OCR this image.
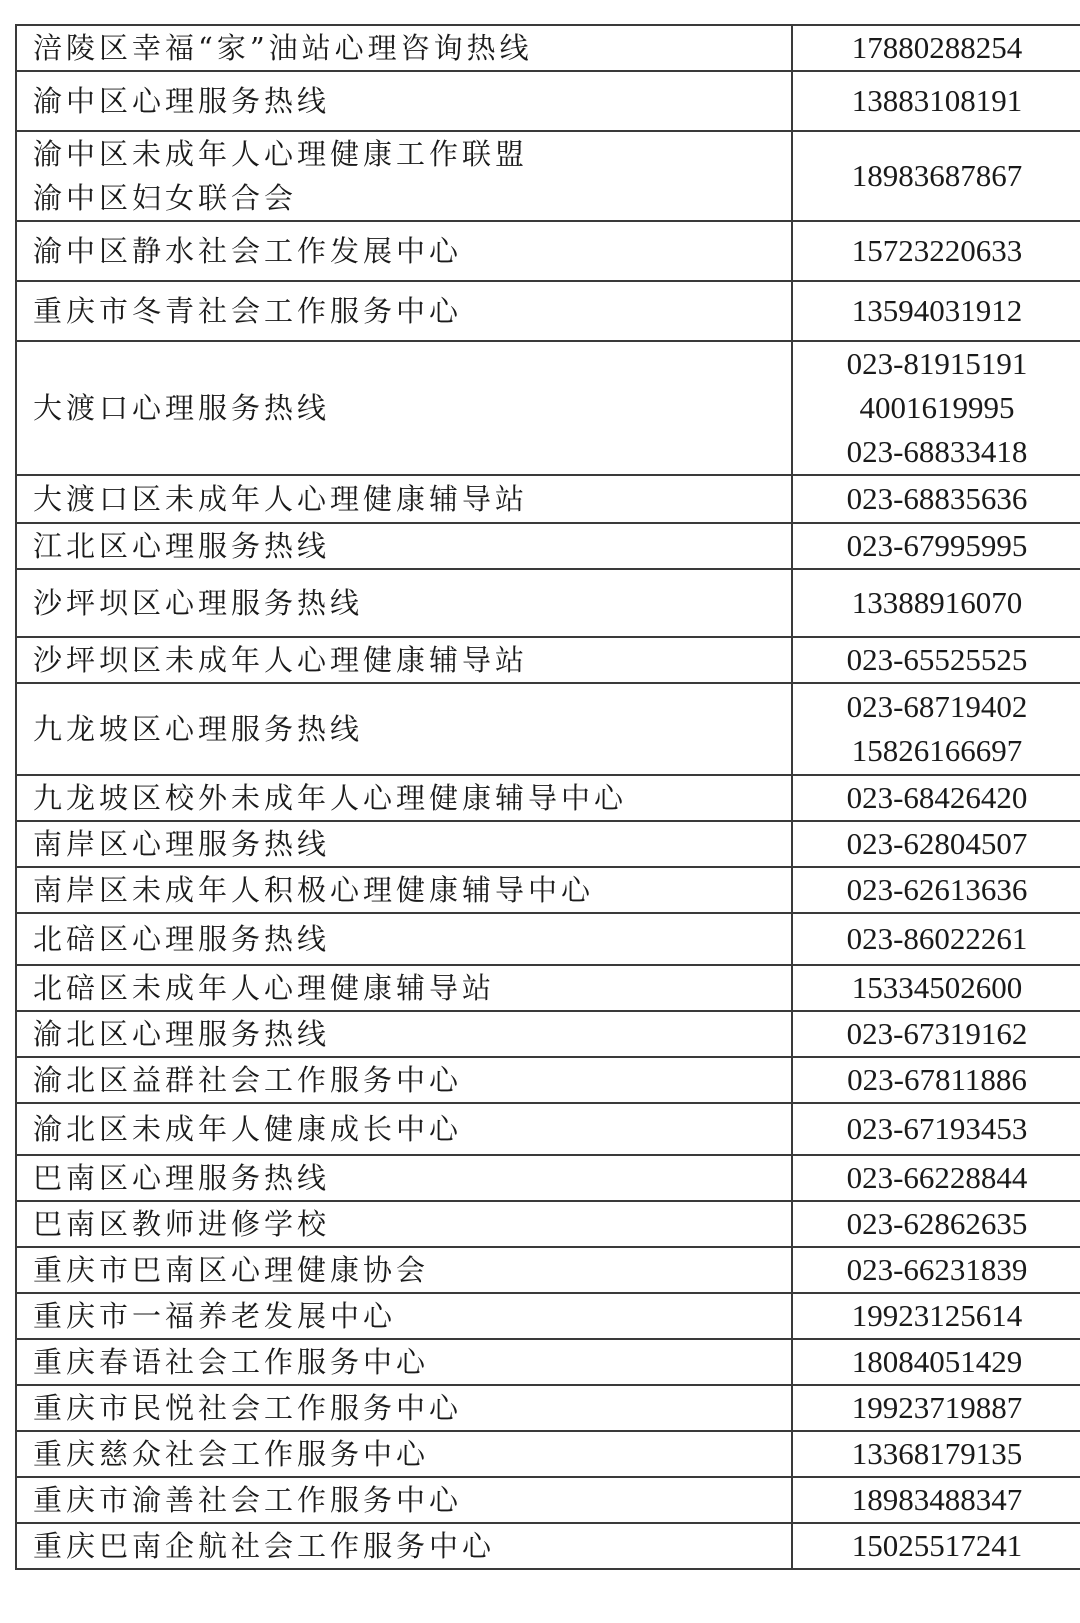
涪陵区幸福“家”油站心理咨询热线	17880288254

渝中区心理服务热线	13883108191

渝中区未成年人心理健康工作联盟
渝中区妇女联合会	18983687867

渝中区静水社会工作发展中心	15723220633

重庆市冬青社会工作服务中心	13594031912

大渡口心理服务热线	023-81915191
4001619995
023-68833418

大渡口区未成年人心理健康辅导站	023-68835636

江北区心理服务热线	023-67995995

沙坪坝区心理服务热线	13388916070

沙坪坝区未成年人心理健康辅导站	023-65525525

九龙坡区心理服务热线	023-68719402
15826166697

九龙坡区校外未成年人心理健康辅导中心	023-68426420

南岸区心理服务热线	023-62804507

南岸区未成年人积极心理健康辅导中心	023-62613636

北碚区心理服务热线	023-86022261

北碚区未成年人心理健康辅导站	15334502600

渝北区心理服务热线	023-67319162

渝北区益群社会工作服务中心	023-67811886

渝北区未成年人健康成长中心	023-67193453

巴南区心理服务热线	023-66228844

巴南区教师进修学校	023-62862635

重庆市巴南区心理健康协会	023-66231839

重庆市一福养老发展中心	19923125614

重庆春语社会工作服务中心	18084051429

重庆市民悦社会工作服务中心	19923719887

重庆慈众社会工作服务中心	13368179135

重庆市渝善社会工作服务中心	18983488347

重庆巴南企航社会工作服务中心	15025517241
